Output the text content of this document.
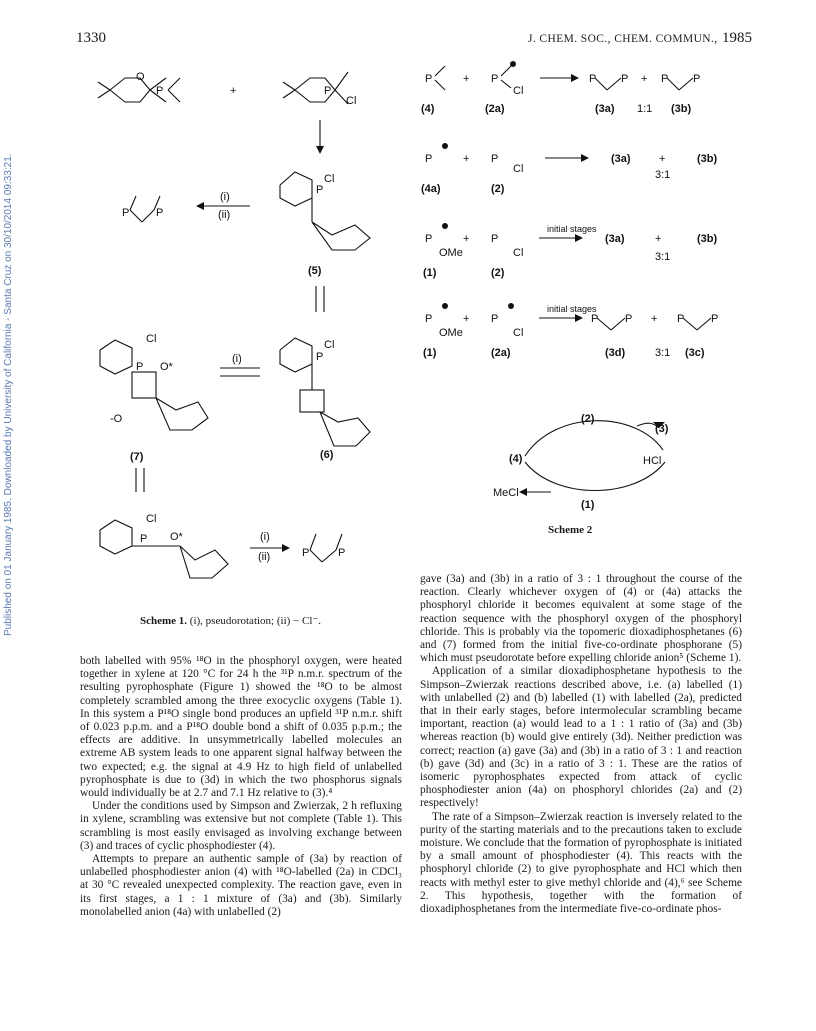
1330	J. CHEM. SOC., CHEM. COMMUN., 1985
Published on 01 January 1985. Downloaded by University of California - Santa Cruz on 30/10/2014 09:33:21.
O
P	+	P
Cl
P
Cl
(5)
(i)
(ii)
P P
P
Cl
(6)
(i)
P
Cl
O*
-O
(7)
P
Cl
O*	(i)
(ii)	P	P
Scheme 1. (i), pseudorotation; (ii) − Cl⁻.
P	+ P
Cl
P P + P P
(4)	(2a)	(3a) 1:1 (3b)
P	+ P
Cl
(3a)	+	(3b)
3:1
(4a)	(2)
P
OMe
+ P
Cl
initial stages
(3a)	+	(3b)
3:1
(1)	(2)
P
OMe
+ P
Cl
initial stages
P P + P P
(1)	(2a)	(3d)	3:1 (3c)
(2)
(3)
(4)	HCl
MeCl
(1)
Scheme 2

both labelled with 95% ¹⁸O in the phosphoryl oxygen, were heated together in xylene at 120 °C for 24 h the ³¹P n.m.r. spectrum of the resulting pyrophosphate (Figure 1) showed the ¹⁸O to be almost completely scrambled among the three exocyclic oxygens (Table 1). In this system a P¹⁸O single bond produces an upfield ³¹P n.m.r. shift of 0.023 p.p.m. and a P¹⁸O double bond a shift of 0.035 p.p.m.; the effects are additive. In unsymmetrically labelled molecules an extreme AB system leads to one apparent signal halfway between the two expected; e.g. the signal at 4.9 Hz to high field of unlabelled pyrophosphate is due to (3d) in which the two phosphorus signals would individually be at 2.7 and 7.1 Hz relative to (3).⁴

Under the conditions used by Simpson and Zwierzak, 2 h refluxing in xylene, scrambling was extensive but not complete (Table 1). This scrambling is most easily envisaged as involving exchange between (3) and traces of cyclic phosphodiester (4).

Attempts to prepare an authentic sample of (3a) by reaction of unlabelled phosphodiester anion (4) with ¹⁸O-labelled (2a) in CDCl₃ at 30 °C revealed unexpected complexity. The reaction gave, even in its first stages, a 1 : 1 mixture of (3a) and (3b). Similarly monolabelled anion (4a) with unlabelled (2)

gave (3a) and (3b) in a ratio of 3 : 1 throughout the course of the reaction. Clearly whichever oxygen of (4) or (4a) attacks the phosphoryl chloride it becomes equivalent at some stage of the reaction sequence with the phosphoryl oxygen of the phosphoryl chloride. This is probably via the topomeric dioxadiphosphetanes (6) and (7) formed from the initial five-co-ordinate phosphorane (5) which must pseudorotate before expelling chloride anion⁵ (Scheme 1).

Application of a similar dioxadiphosphetane hypothesis to the Simpson–Zwierzak reactions described above, i.e. (a) labelled (1) with unlabelled (2) and (b) labelled (1) with labelled (2a), predicted that in their early stages, before intermolecular scrambling became important, reaction (a) would lead to a 1 : 1 ratio of (3a) and (3b) whereas reaction (b) would give entirely (3d). Neither prediction was correct; reaction (a) gave (3a) and (3b) in a ratio of 3 : 1 and reaction (b) gave (3d) and (3c) in a ratio of 3 : 1. These are the ratios of isomeric pyrophosphates expected from attack of cyclic phosphodiester anion (4a) on phosphoryl chlorides (2a) and (2) respectively!

The rate of a Simpson–Zwierzak reaction is inversely related to the purity of the starting materials and to the precautions taken to exclude moisture. We conclude that the formation of pyrophosphate is initiated by a small amount of phosphodiester (4). This reacts with the phosphoryl chloride (2) to give pyrophosphate and HCl which then reacts with methyl ester to give methyl chloride and (4),⁶ see Scheme 2. This hypothesis, together with the formation of dioxadiphosphetanes from the intermediate five-co-ordinate phos-
